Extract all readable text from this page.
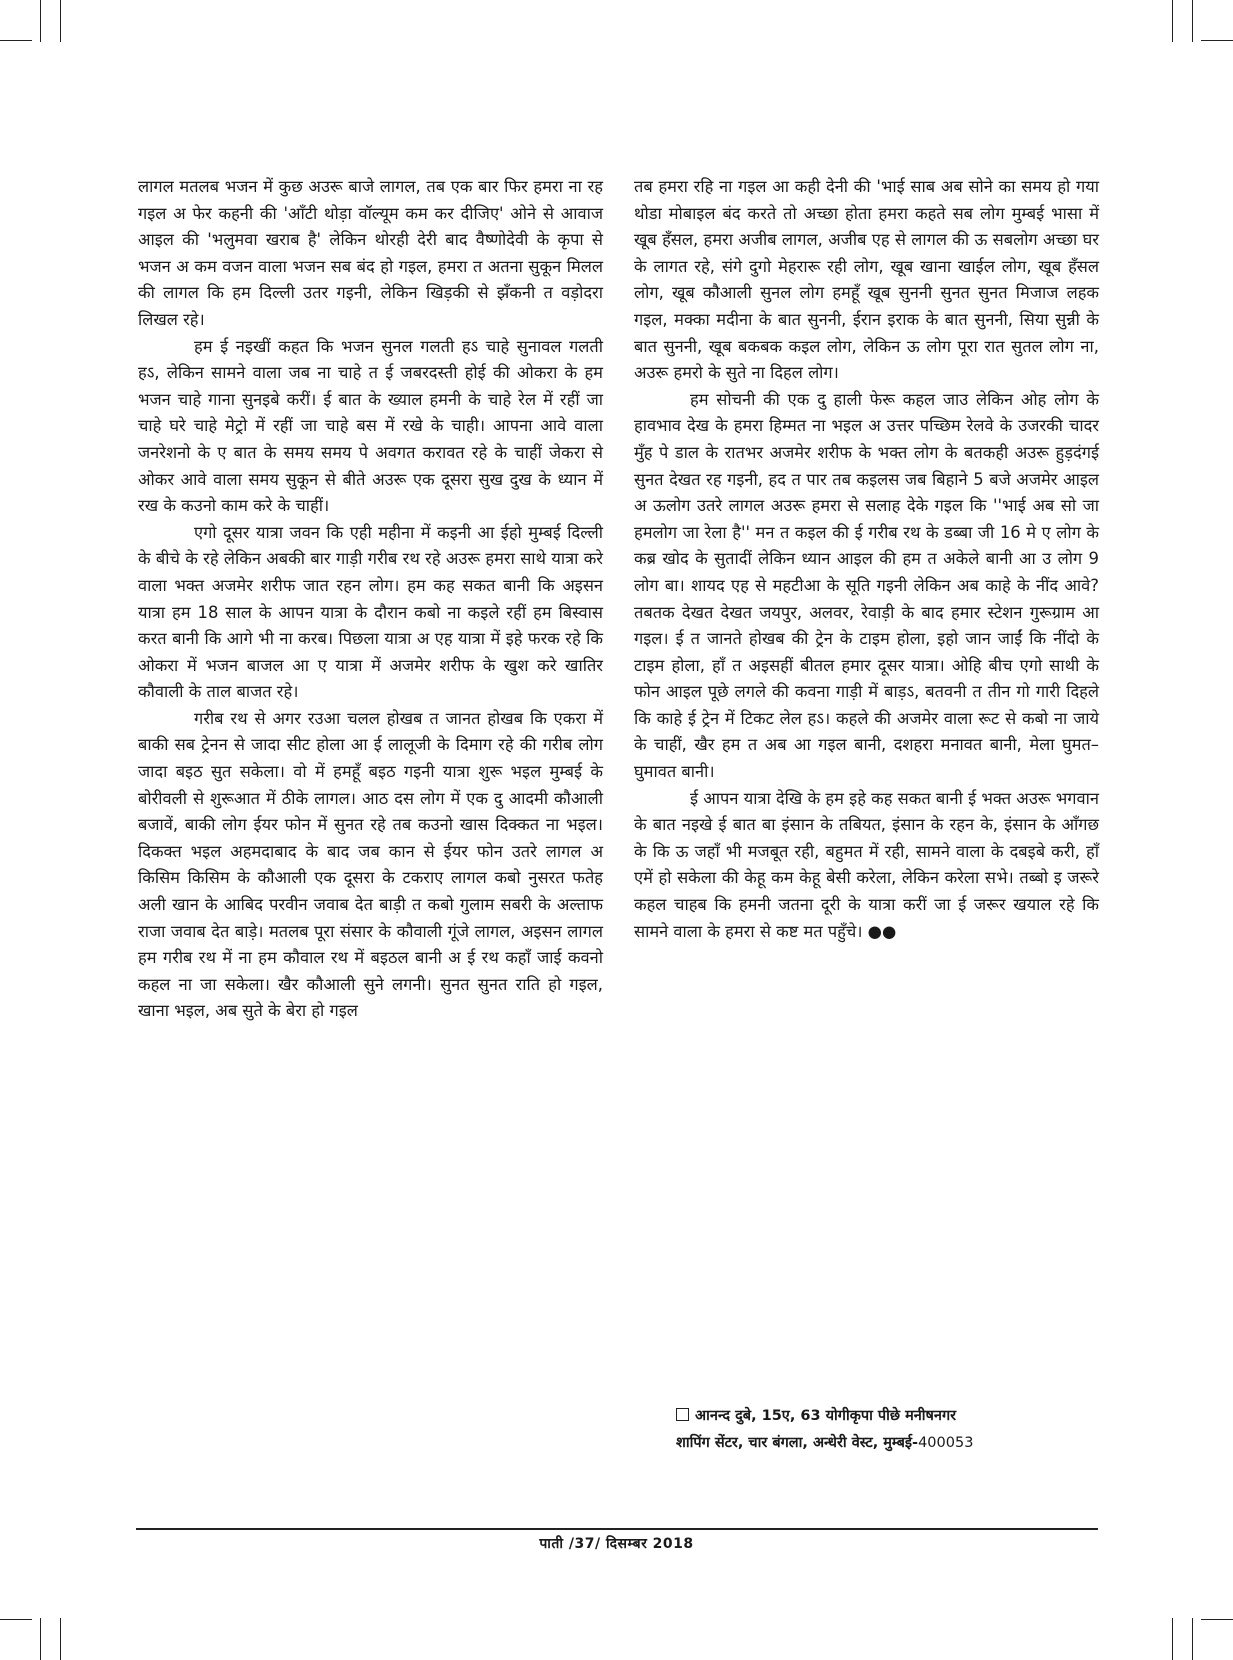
लागल मतलब भजन में कुछ अउरू बाजे लागल, तब एक बार फिर हमरा ना रह गइल अ फेर कहनी की 'आँटी थोड़ा वॉल्यूम कम कर दीजिए' ओने से आवाज आइल की 'भलुमवा खराब है' लेकिन थोरही देरी बाद वैष्णोदेवी के कृपा से भजन अ कम वजन वाला भजन सब बंद हो गइल, हमरा त अतना सुकून मिलल की लागल कि हम दिल्ली उतर गइनी, लेकिन खिड़की से झँकनी त वड़ोदरा लिखल रहे।

हम ई नइखीं कहत कि भजन सुनल गलती हऽ चाहे सुनावल गलती हऽ, लेकिन सामने वाला जब ना चाहे त ई जबरदस्ती होई की ओकरा के हम भजन चाहे गाना सुनइबे करीं। ई बात के ख्याल हमनी के चाहे रेल में रहीं जा चाहे घरे चाहे मेट्रो में रहीं जा चाहे बस में रखे के चाही। आपना आवे वाला जनरेशनो के ए बात के समय समय पे अवगत करावत रहे के चाहीं जेकरा से ओकर आवे वाला समय सुकून से बीते अउरू एक दूसरा सुख दुख के ध्यान में रख के कउनो काम करे के चाहीं।

एगो दूसर यात्रा जवन कि एही महीना में कइनी आ ईहो मुम्बई दिल्ली के बीचे के रहे लेकिन अबकी बार गाड़ी गरीब रथ रहे अउरू हमरा साथे यात्रा करे वाला भक्त अजमेर शरीफ जात रहन लोग। हम कह सकत बानी कि अइसन यात्रा हम 18 साल के आपन यात्रा के दौरान कबो ना कइले रहीं हम बिस्वास करत बानी कि आगे भी ना करब। पिछला यात्रा अ एह यात्रा में इहे फरक रहे कि ओकरा में भजन बाजल आ ए यात्रा में अजमेर शरीफ के खुश करे खातिर कौवाली के ताल बाजत रहे।

गरीब रथ से अगर रउआ चलल होखब त जानत होखब कि एकरा में बाकी सब ट्रेनन से जादा सीट होला आ ई लालूजी के दिमाग रहे की गरीब लोग जादा बइठ सुत सकेला। वो में हमहूँ बइठ गइनी यात्रा शुरू भइल मुम्बई के बोरीवली से शुरूआत में ठीके लागल। आठ दस लोग में एक दु आदमी कौआली बजावें, बाकी लोग ईयर फोन में सुनत रहे तब कउनो खास दिक्कत ना भइल। दिकक्त भइल अहमदाबाद के बाद जब कान से ईयर फोन उतरे लागल अ किसिम किसिम के कौआली एक दूसरा के टकराए लागल कबो नुसरत फतेह अली खान के आबिद परवीन जवाब देत बाड़ी त कबो गुलाम सबरी के अल्ताफ राजा जवाब देत बाड़े। मतलब पूरा संसार के कौवाली गूंजे लागल, अइसन लागल हम गरीब रथ में ना हम कौवाल रथ में बइठल बानी अ ई रथ कहाँ जाई कवनो कहल ना जा सकेला। खैर कौआली सुने लगनी। सुनत सुनत राति हो गइल, खाना भइल, अब सुते के बेरा हो गइल

तब हमरा रहि ना गइल आ कही देनी की 'भाई साब अब सोने का समय हो गया थोडा मोबाइल बंद करते तो अच्छा होता हमरा कहते सब लोग मुम्बई भासा में खूब हँसल, हमरा अजीब लागल, अजीब एह से लागल की ऊ सबलोग अच्छा घर के लागत रहे, संगे दुगो मेहरारू रही लोग, खूब खाना खाईल लोग, खूब हँसल लोग, खूब कौआली सुनल लोग हमहूँ खूब सुननी सुनत सुनत मिजाज लहक गइल, मक्का मदीना के बात सुननी, ईरान इराक के बात सुननी, सिया सुन्नी के बात सुननी, खूब बकबक कइल लोग, लेकिन ऊ लोग पूरा रात सुतल लोग ना, अउरू हमरो के सुते ना दिहल लोग।

हम सोचनी की एक दु हाली फेरू कहल जाउ लेकिन ओह लोग के हावभाव देख के हमरा हिम्मत ना भइल अ उत्तर पच्छिम रेलवे के उजरकी चादर मुँह पे डाल के रातभर अजमेर शरीफ के भक्त लोग के बतकही अउरू हुड़दंगई सुनत देखत रह गइनी, हद त पार तब कइलस जब बिहाने 5 बजे अजमेर आइल अ ऊलोग उतरे लागल अउरू हमरा से सलाह देके गइल कि ''भाई अब सो जा हमलोग जा रेला है'' मन त कइल की ई गरीब रथ के डब्बा जी 16 मे ए लोग के कब्र खोद के सुतादीं लेकिन ध्यान आइल की हम त अकेले बानी आ उ लोग 9 लोग बा। शायद एह से महटीआ के सूति गइनी लेकिन अब काहे के नींद आवे? तबतक देखत देखत जयपुर, अलवर, रेवाड़ी के बाद हमार स्टेशन गुरूग्राम आ गइल। ई त जानते होखब की ट्रेन के टाइम होला, इहो जान जाईं कि नींदो के टाइम होला, हाँ त अइसहीं बीतल हमार दूसर यात्रा। ओहि बीच एगो साथी के फोन आइल पूछे लगले की कवना गाड़ी में बाड़ऽ, बतवनी त तीन गो गारी दिहले कि काहे ई ट्रेन में टिकट लेल हऽ। कहले की अजमेर वाला रूट से कबो ना जाये के चाहीं, खैर हम त अब आ गइल बानी, दशहरा मनावत बानी, मेला घुमत–घुमावत बानी।

ई आपन यात्रा देखि के हम इहे कह सकत बानी ई भक्त अउरू भगवान के बात नइखे ई बात बा इंसान के तबियत, इंसान के रहन के, इंसान के आँगछ के कि ऊ जहाँ भी मजबूत रही, बहुमत में रही, सामने वाला के दबइबे करी, हाँ एमें हो सकेला की केहू कम केहू बेसी करेला, लेकिन करेला सभे। तब्बो इ जरूरे कहल चाहब कि हमनी जतना दूरी के यात्रा करीं जा ई जरूर खयाल रहे कि सामने वाला के हमरा से कष्ट मत पहुँचे। ●●

आनन्द दुबे, 15ए, 63 योगीकृपा पीछे मनीषनगर
शापिंग सेंटर, चार बंगला, अन्धेरी वेस्ट, मुम्बई-400053
पाती /37/ दिसम्बर 2018
